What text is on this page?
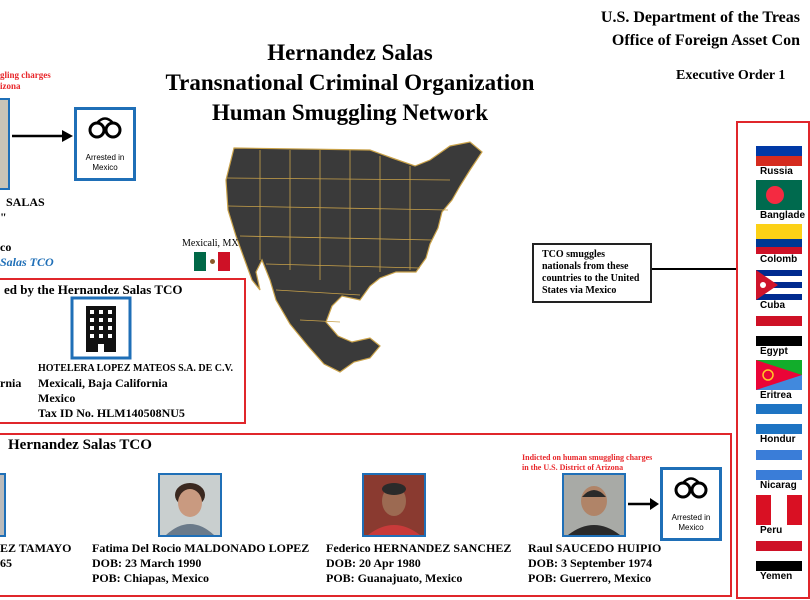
Hernandez Salas
Transnational Criminal Organization
Human Smuggling Network
U.S. Department of the Treas
Office of Foreign Asset Con
Executive Order 1
gling charges
izona
Arrested in Mexico
SALAS
"
co
Salas TCO
Mexicali, MX
ed by the Hernandez Salas TCO
rnia
HOTELERA LOPEZ MATEOS S.A. DE C.V.
Mexicali, Baja California
Mexico
Tax ID No. HLM140508NU5
Hernandez Salas TCO
EZ TAMAYO
65
Fatima Del Rocio MALDONADO LOPEZ
DOB: 23 March 1990
POB: Chiapas, Mexico
Federico HERNANDEZ SANCHEZ
DOB: 20 Apr 1980
POB: Guanajuato, Mexico
Indicted on human smuggling charges
in the U.S. District of Arizona
Arrested in Mexico
Raul SAUCEDO HUIPIO
DOB: 3 September 1974
POB: Guerrero, Mexico
TCO smuggles nationals from these countries to the United States via Mexico
Russia
Banglade
Colomb
Cuba
Egypt
Eritrea
Hondur
Nicarag
Peru
Yemen
